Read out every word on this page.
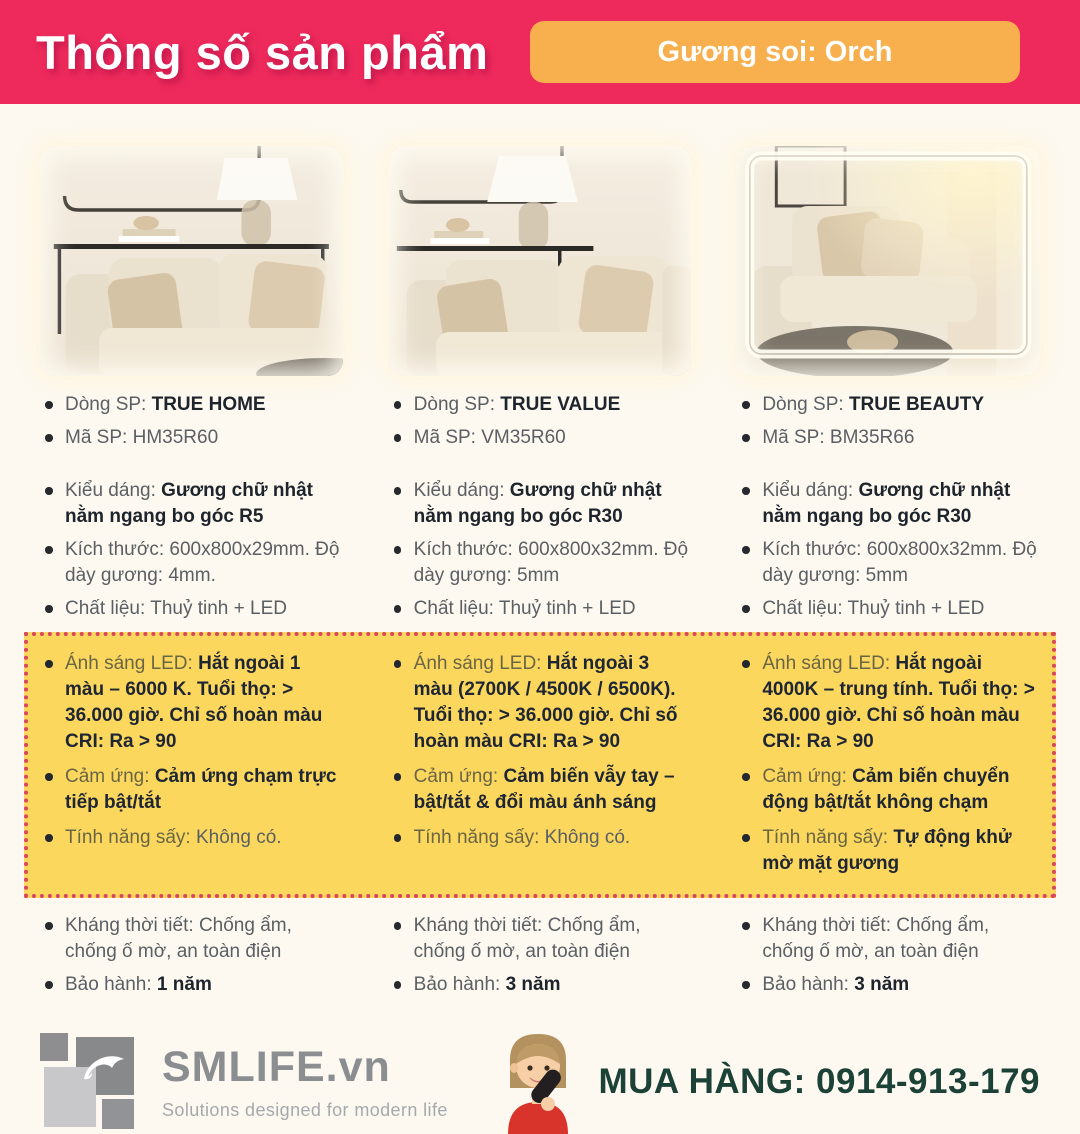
Thông số sản phẩm	Gương soi: Orch
Dòng SP: TRUE HOME
Mã SP: HM35R60
Kiểu dáng: Gương chữ nhật nằm ngang bo góc R5
Kích thước: 600x800x29mm. Độ dày gương: 4mm.
Chất liệu: Thuỷ tinh + LED
Dòng SP: TRUE VALUE
Mã SP: VM35R60
Kiểu dáng: Gương chữ nhật nằm ngang bo góc R30
Kích thước: 600x800x32mm. Độ dày gương: 5mm
Chất liệu: Thuỷ tinh + LED
Dòng SP: TRUE BEAUTY
Mã SP: BM35R66
Kiểu dáng: Gương chữ nhật nằm ngang bo góc R30
Kích thước: 600x800x32mm. Độ dày gương: 5mm
Chất liệu: Thuỷ tinh + LED
Ánh sáng LED: Hắt ngoài 1 màu – 6000 K. Tuổi thọ: > 36.000 giờ. Chỉ số hoàn màu CRI: Ra > 90
Cảm ứng: Cảm ứng chạm trực tiếp bật/tắt
Tính năng sấy: Không có.
Ánh sáng LED: Hắt ngoài 3 màu (2700K / 4500K / 6500K). Tuổi thọ: > 36.000 giờ. Chỉ số hoàn màu CRI: Ra > 90
Cảm ứng: Cảm biến vẫy tay – bật/tắt & đổi màu ánh sáng
Tính năng sấy: Không có.
Ánh sáng LED: Hắt ngoài 4000K – trung tính. Tuổi thọ: > 36.000 giờ. Chỉ số hoàn màu CRI: Ra > 90
Cảm ứng: Cảm biến chuyển động bật/tắt không chạm
Tính năng sấy: Tự động khử mờ mặt gương
Kháng thời tiết: Chống ẩm, chống ố mờ, an toàn điện
Bảo hành: 1 năm
Kháng thời tiết: Chống ẩm, chống ố mờ, an toàn điện
Bảo hành: 3 năm
Kháng thời tiết: Chống ẩm, chống ố mờ, an toàn điện
Bảo hành: 3 năm
SMLIFE.vn
Solutions designed for modern life
MUA HÀNG: 0914-913-179
